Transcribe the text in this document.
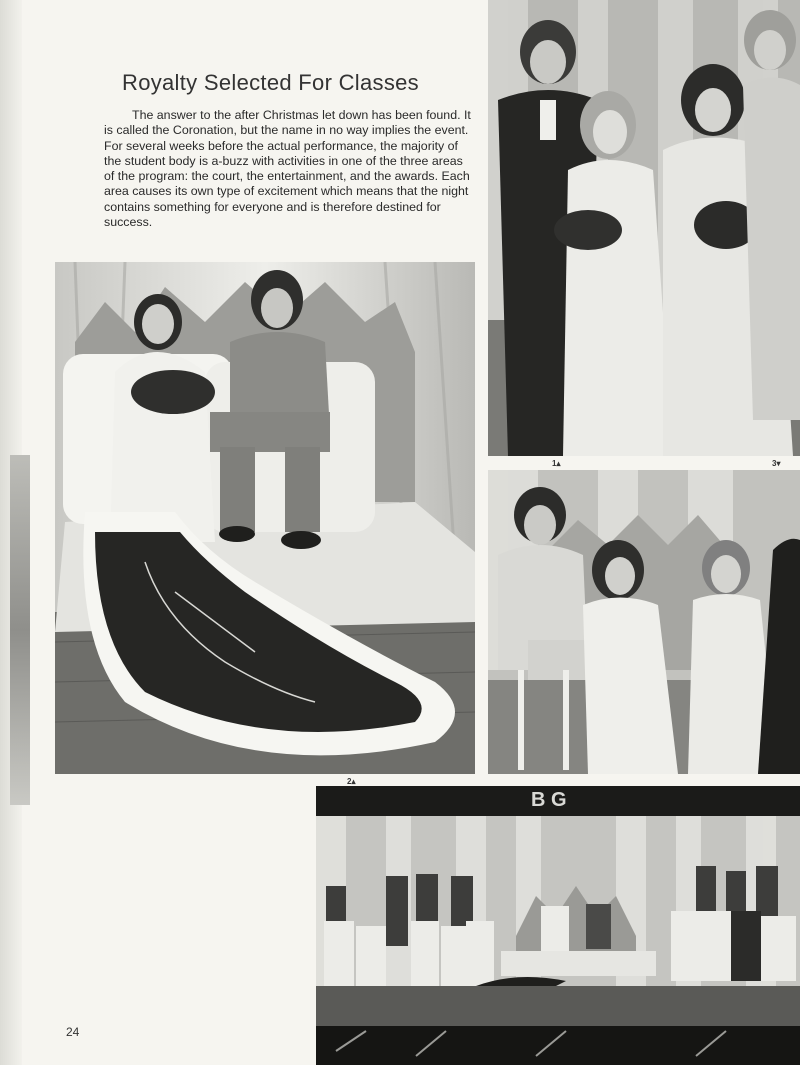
Royalty Selected For Classes

The answer to the after Christmas let down has been found. It is called the Coronation, but the name in no way implies the event. For several weeks before the actual performance, the majority of the student body is a-buzz with activities in one of the three areas of the program: the court, the entertainment, and the awards. Each area causes its own type of excitement which means that the night contains something for everyone and is therefore destined for success.

B G
1▴	3▾
2▴
24
